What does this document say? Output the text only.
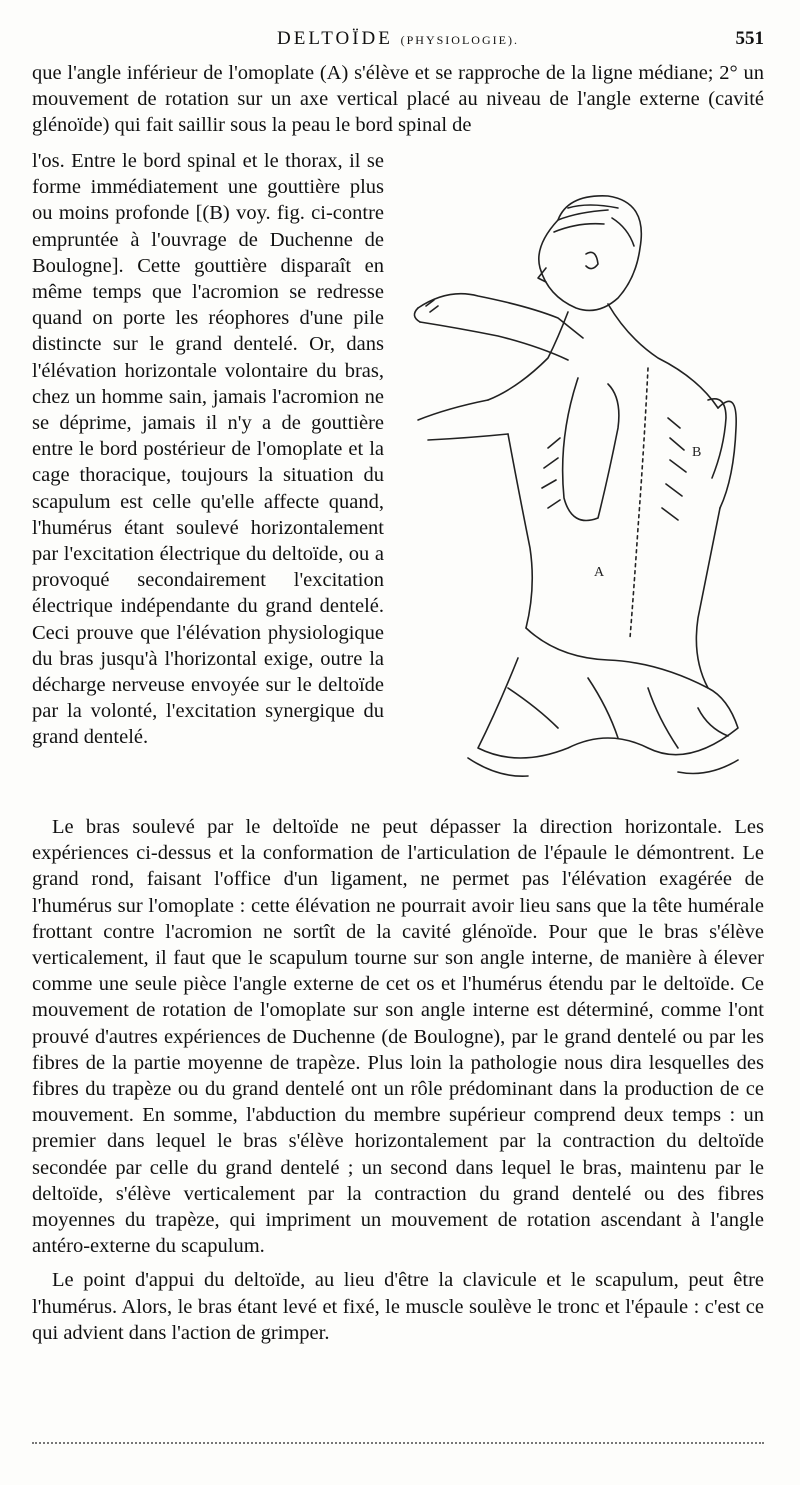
DELTOÏDE (PHYSIOLOGIE).	551

que l'angle inférieur de l'omoplate (A) s'élève et se rapproche de la ligne médiane; 2° un mouvement de rotation sur un axe vertical placé au niveau de l'angle externe (cavité glénoïde) qui fait saillir sous la peau le bord spinal de

l'os. Entre le bord spinal et le thorax, il se forme immédiatement une gouttière plus ou moins profonde [(B) voy. fig. ci-contre empruntée à l'ouvrage de Duchenne de Boulogne]. Cette gouttière disparaît en même temps que l'acromion se redresse quand on porte les réophores d'une pile distincte sur le grand dentelé. Or, dans l'élévation horizontale volontaire du bras, chez un homme sain, jamais l'acromion ne se déprime, jamais il n'y a de gouttière entre le bord postérieur de l'omoplate et la cage thoracique, toujours la situation du scapulum est celle qu'elle affecte quand, l'humérus étant soulevé horizontalement par l'excitation électrique du deltoïde, ou a provoqué secondairement l'excitation électrique indépendante du grand dentelé. Ceci prouve que l'élévation physiologique du bras jusqu'à l'horizontal exige, outre la décharge nerveuse envoyée sur le deltoïde par la volonté, l'excitation synergique du grand dentelé.

A
B

Le bras soulevé par le deltoïde ne peut dépasser la direction horizontale. Les expériences ci-dessus et la conformation de l'articulation de l'épaule le démontrent. Le grand rond, faisant l'office d'un ligament, ne permet pas l'élévation exagérée de l'humérus sur l'omoplate : cette élévation ne pourrait avoir lieu sans que la tête humérale frottant contre l'acromion ne sortît de la cavité glénoïde. Pour que le bras s'élève verticalement, il faut que le scapulum tourne sur son angle interne, de manière à élever comme une seule pièce l'angle externe de cet os et l'humérus étendu par le deltoïde. Ce mouvement de rotation de l'omoplate sur son angle interne est déterminé, comme l'ont prouvé d'autres expériences de Duchenne (de Boulogne), par le grand dentelé ou par les fibres de la partie moyenne de trapèze. Plus loin la pathologie nous dira lesquelles des fibres du trapèze ou du grand dentelé ont un rôle prédominant dans la production de ce mouvement. En somme, l'abduction du membre supérieur comprend deux temps : un premier dans lequel le bras s'élève horizontalement par la contraction du deltoïde secondée par celle du grand dentelé ; un second dans lequel le bras, maintenu par le deltoïde, s'élève verticalement par la contraction du grand dentelé ou des fibres moyennes du trapèze, qui impriment un mouvement de rotation ascendant à l'angle antéro-externe du scapulum.

Le point d'appui du deltoïde, au lieu d'être la clavicule et le scapulum, peut être l'humérus. Alors, le bras étant levé et fixé, le muscle soulève le tronc et l'épaule : c'est ce qui advient dans l'action de grimper.
